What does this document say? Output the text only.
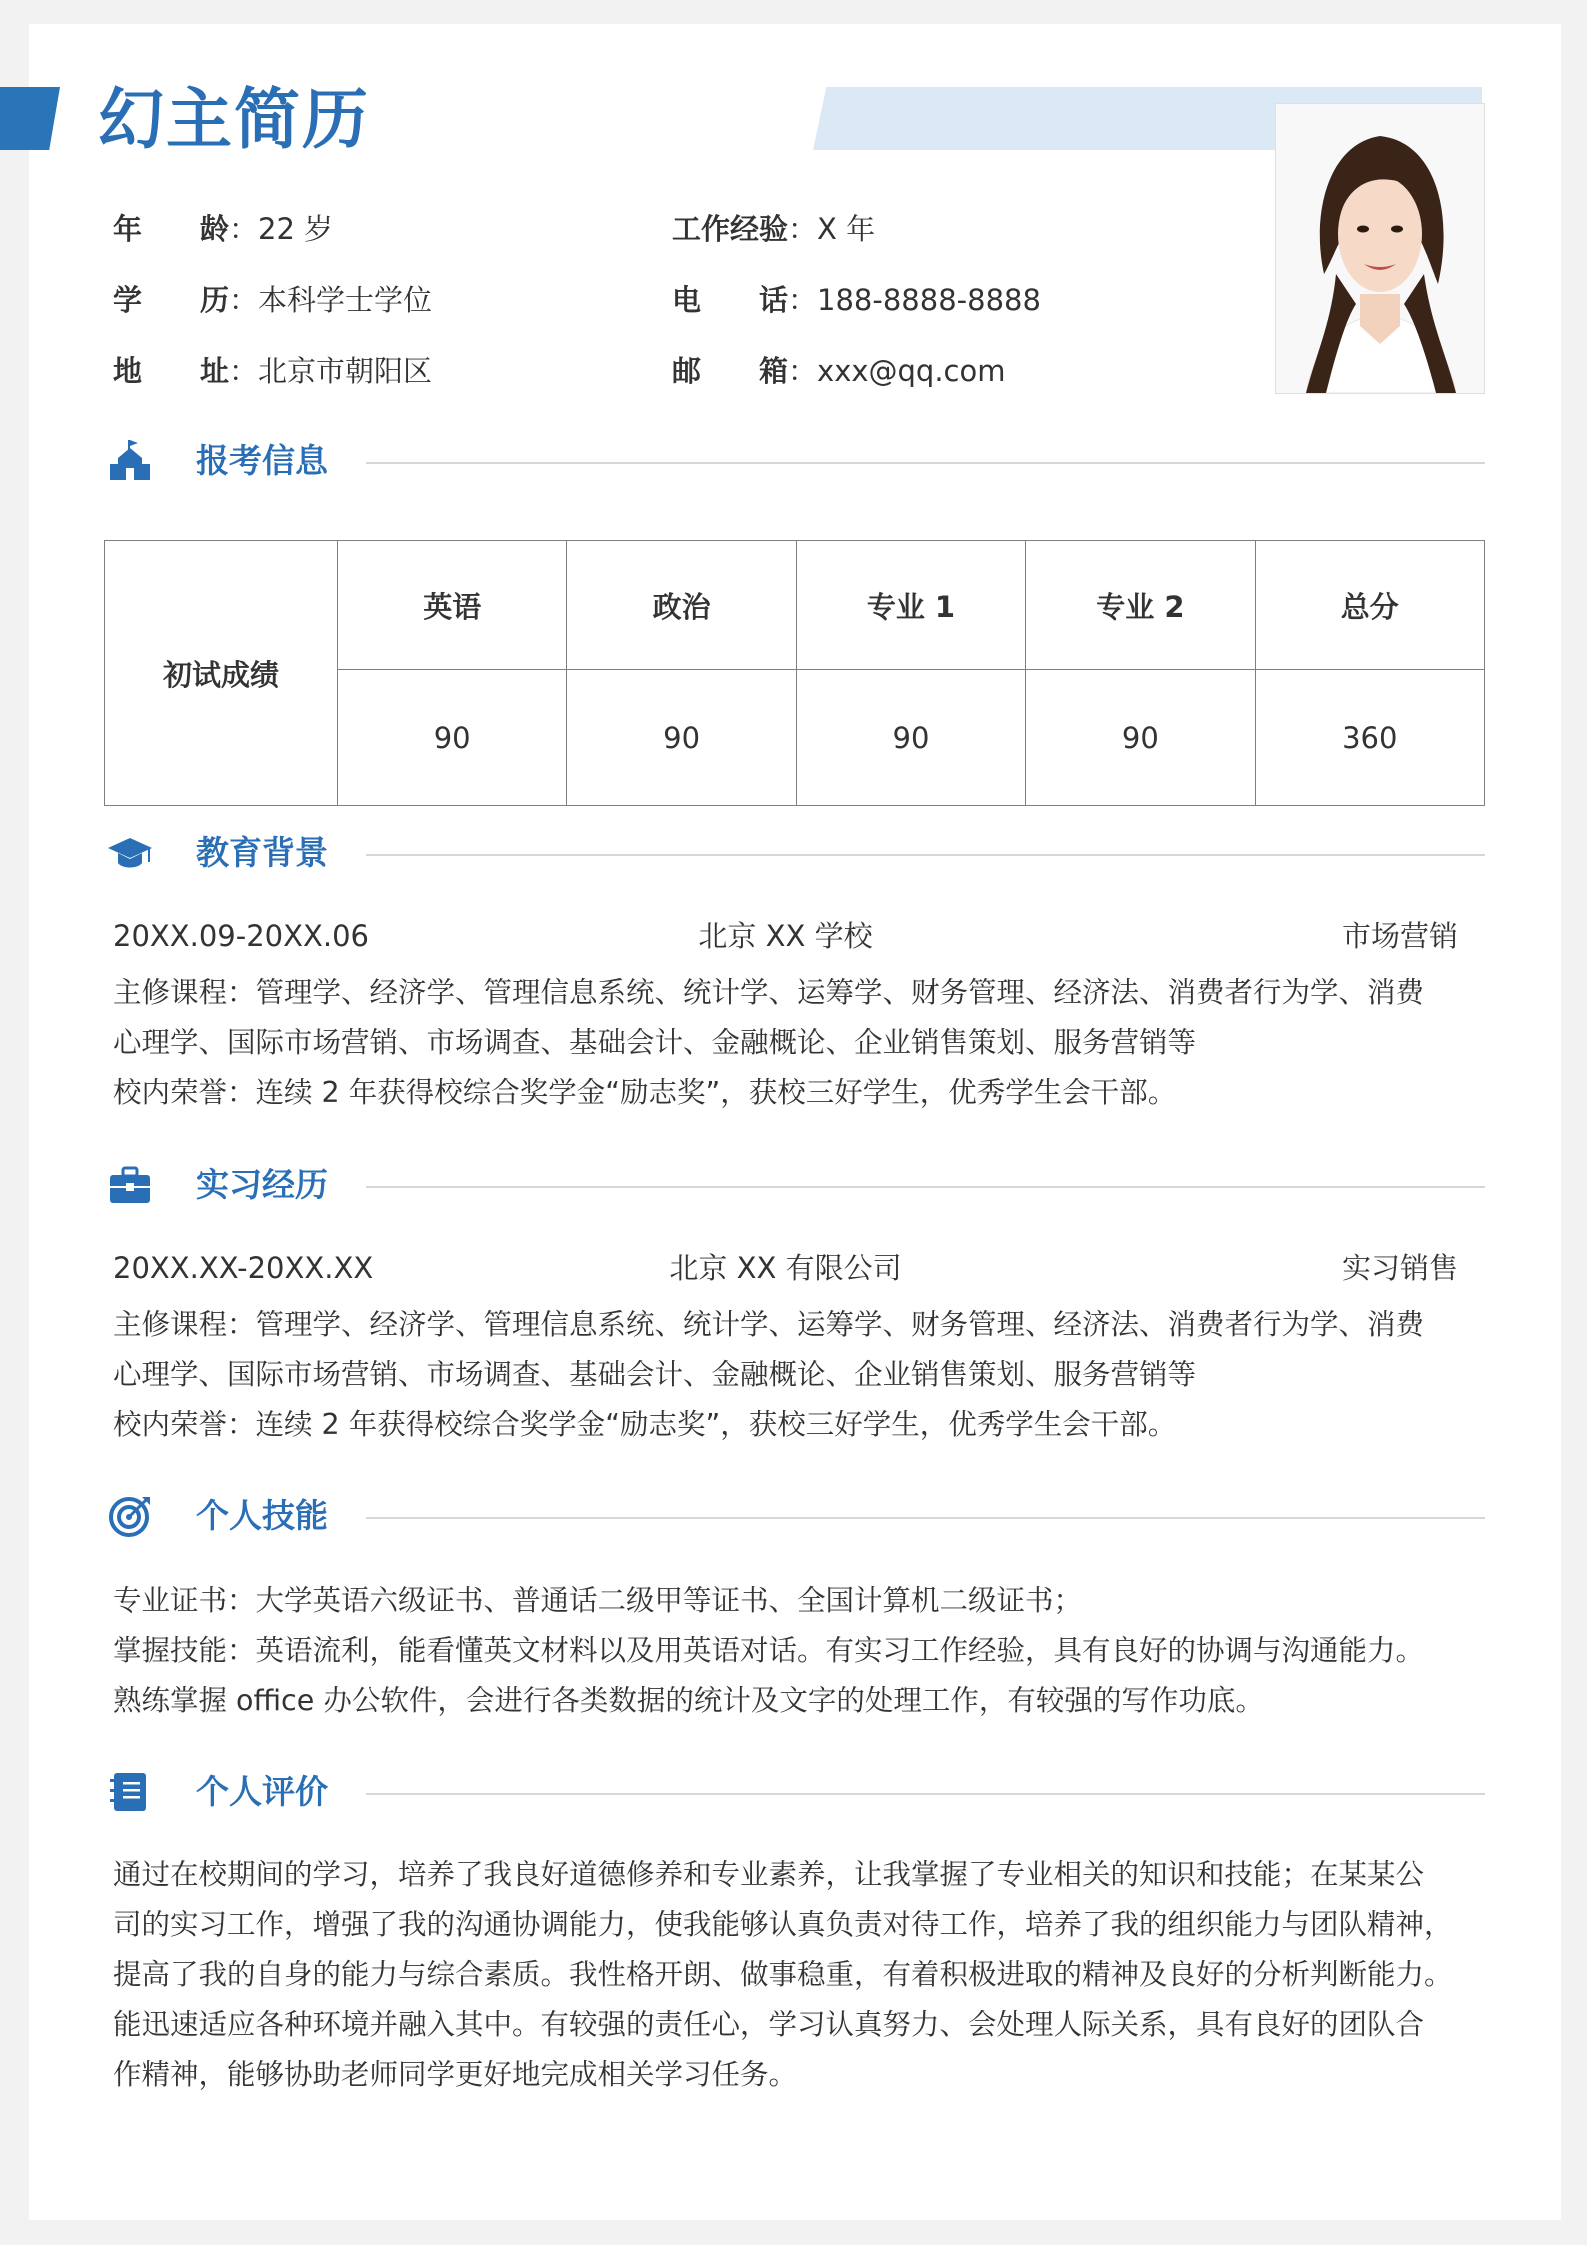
幻主简历
年　　龄：22 岁
学　　历：本科学士学位
地　　址：北京市朝阳区
工作经验：X 年
电　　话：188-8888-8888
邮　　箱：xxx@qq.com
报考信息
初试成绩	英语	政治	专业 1	专业 2	总分
	90	90	90	90	360
教育背景
20XX.09-20XX.06	北京 XX 学校	市场营销

主修课程：管理学、经济学、管理信息系统、统计学、运筹学、财务管理、经济法、消费者行为学、消费
心理学、国际市场营销、市场调查、基础会计、金融概论、企业销售策划、服务营销等
校内荣誉：连续 2 年获得校综合奖学金“励志奖”，获校三好学生，优秀学生会干部。

实习经历
20XX.XX-20XX.XX	北京 XX 有限公司	实习销售

主修课程：管理学、经济学、管理信息系统、统计学、运筹学、财务管理、经济法、消费者行为学、消费
心理学、国际市场营销、市场调查、基础会计、金融概论、企业销售策划、服务营销等
校内荣誉：连续 2 年获得校综合奖学金“励志奖”，获校三好学生，优秀学生会干部。

个人技能

专业证书：大学英语六级证书、普通话二级甲等证书、全国计算机二级证书；
掌握技能：英语流利，能看懂英文材料以及用英语对话。有实习工作经验，具有良好的协调与沟通能力。
熟练掌握 office 办公软件，会进行各类数据的统计及文字的处理工作，有较强的写作功底。

个人评价

通过在校期间的学习，培养了我良好道德修养和专业素养，让我掌握了专业相关的知识和技能；在某某公
司的实习工作，增强了我的沟通协调能力，使我能够认真负责对待工作，培养了我的组织能力与团队精神，
提高了我的自身的能力与综合素质。我性格开朗、做事稳重，有着积极进取的精神及良好的分析判断能力。
能迅速适应各种环境并融入其中。有较强的责任心，学习认真努力、会处理人际关系，具有良好的团队合
作精神，能够协助老师同学更好地完成相关学习任务。
